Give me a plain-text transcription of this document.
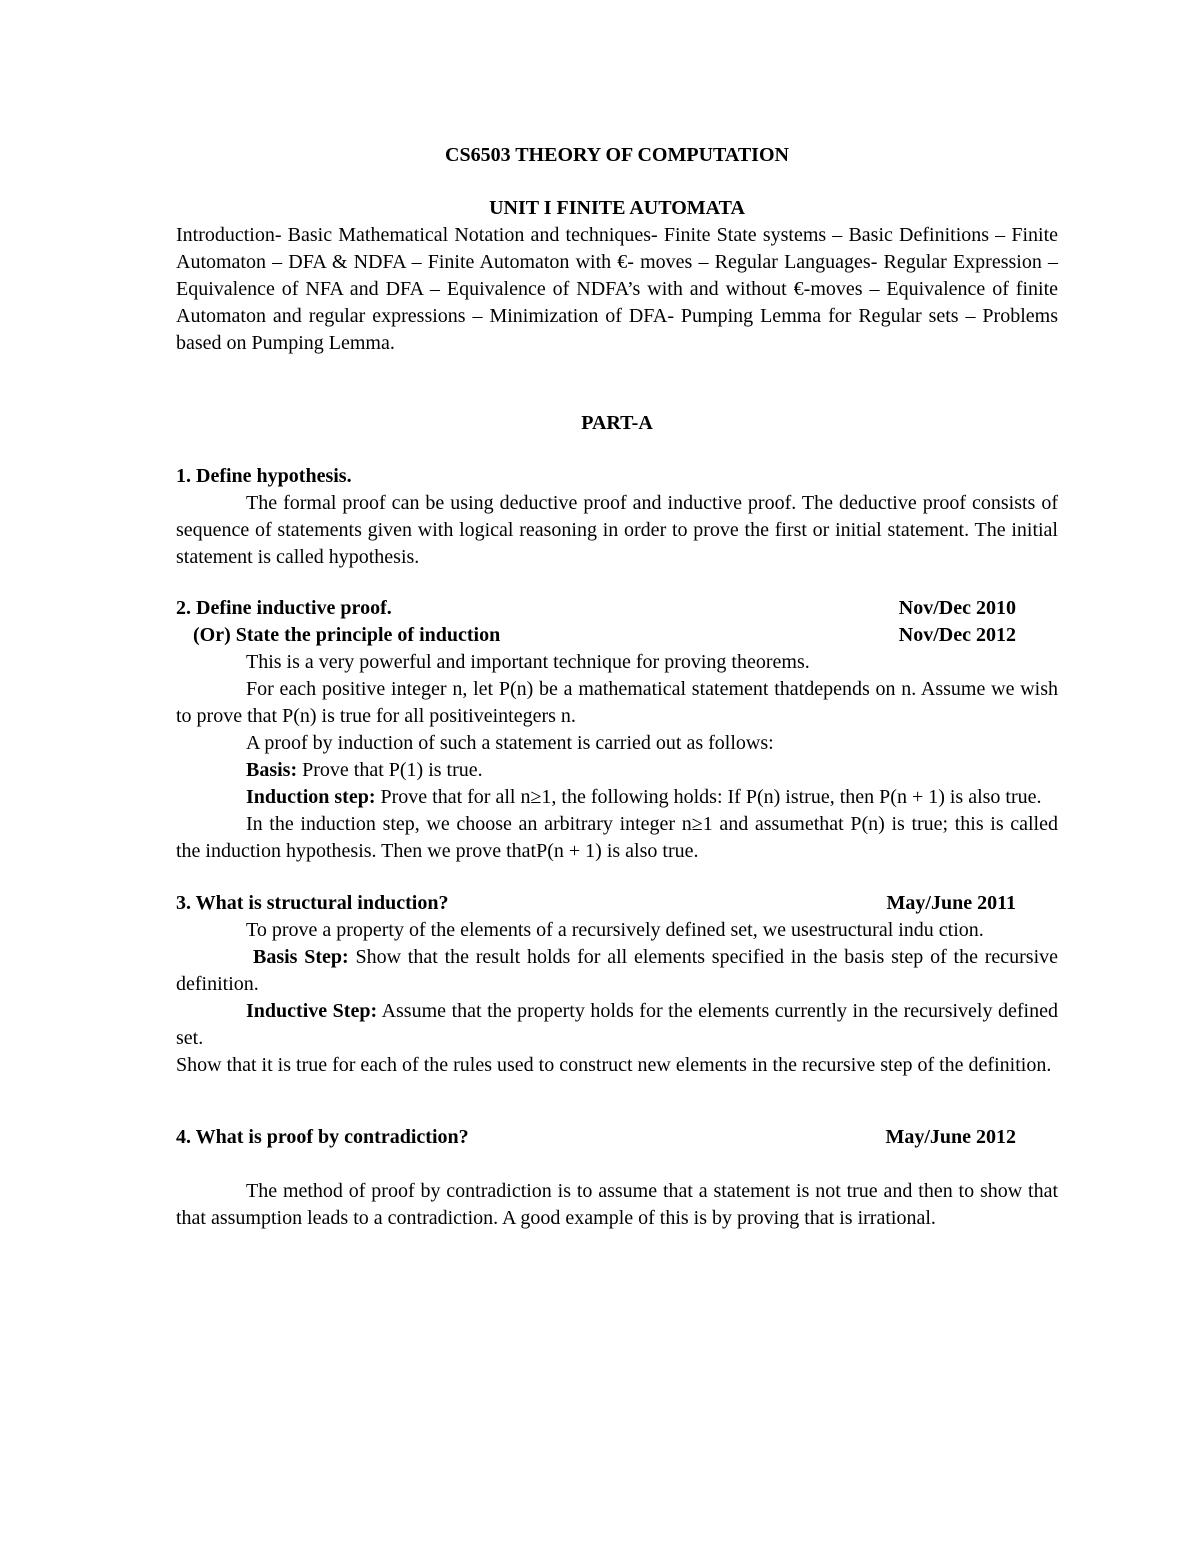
CS6503 THEORY OF COMPUTATION
UNIT I FINITE AUTOMATA
Introduction- Basic Mathematical Notation and techniques- Finite State systems – Basic Definitions – Finite Automaton – DFA & NDFA – Finite Automaton with €- moves – Regular Languages- Regular Expression – Equivalence of NFA and DFA – Equivalence of NDFA’s with and without €-moves – Equivalence of finite Automaton and regular expressions – Minimization of DFA- Pumping Lemma for Regular sets – Problems based on Pumping Lemma.
PART-A
1. Define hypothesis.
The formal proof can be using deductive proof and inductive proof. The deductive proof consists of sequence of statements given with logical reasoning in order to prove the first or initial statement. The initial statement is called hypothesis.
2. Define inductive proof.	Nov/Dec 2010
(Or) State the principle of induction	Nov/Dec 2012
This is a very powerful and important technique for proving theorems.
For each positive integer n, let P(n) be a mathematical statement thatdepends on n. Assume we wish to prove that P(n) is true for all positiveintegers n.
A proof by induction of such a statement is carried out as follows:
Basis: Prove that P(1) is true.
Induction step: Prove that for all n≥1, the following holds: If P(n) istrue, then P(n + 1) is also true.
In the induction step, we choose an arbitrary integer n≥1 and assumethat P(n) is true; this is called the induction hypothesis. Then we prove thatP(n + 1) is also true.
3. What is structural induction?	May/June 2011
To prove a property of the elements of a recursively defined set, we usestructural indu ction.
Basis Step: Show that the result holds for all elements specified in the basis step of the recursive definition.
Inductive Step: Assume that the property holds for the elements currently in the recursively defined set.
Show that it is true for each of the rules used to construct new elements in the recursive step of the definition.
4. What is proof by contradiction?	May/June 2012
The method of proof by contradiction is to assume that a statement is not true and then to show that that assumption leads to a contradiction. A good example of this is by proving that is irrational.
